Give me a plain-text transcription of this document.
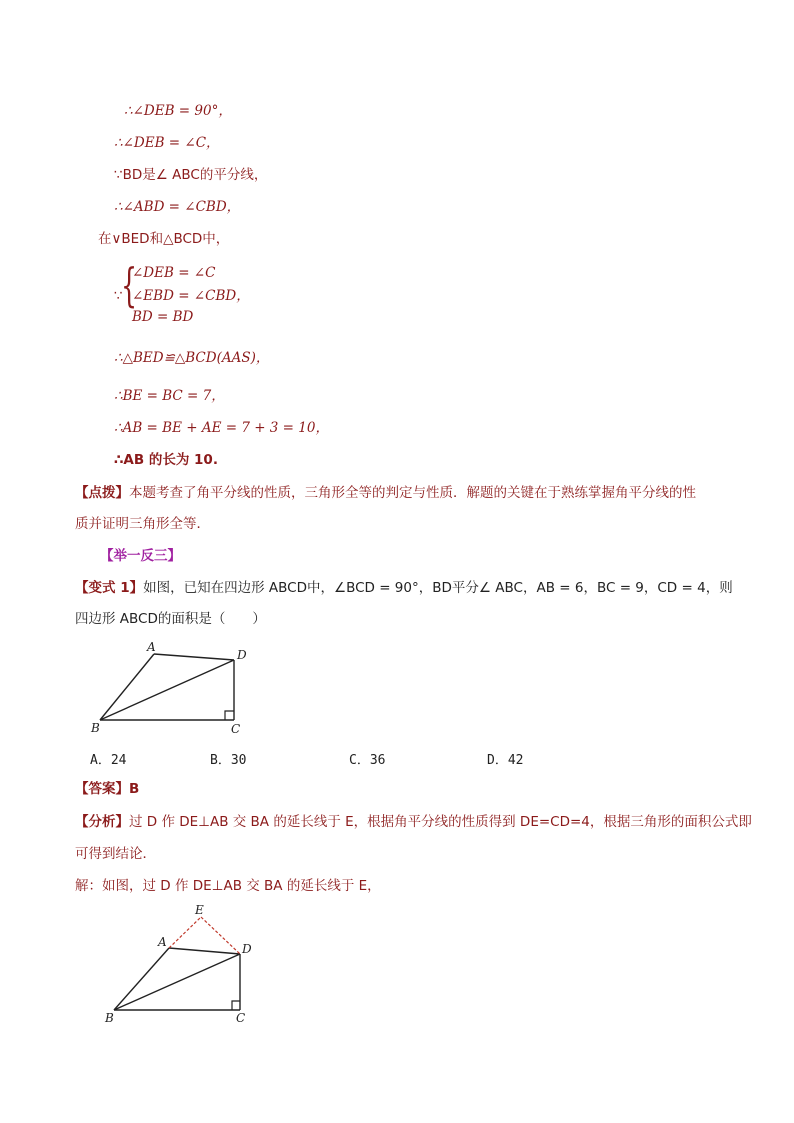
∴∠DEB = 90°，
∴∠DEB = ∠C，
∵BD是∠ ABC的平分线，
∴∠ABD = ∠CBD，
在∨BED和△BCD中，
∵
{
∠DEB = ∠C
∠EBD = ∠CBD，
BD = BD
∴△BED≌△BCD(AAS)，
∴BE = BC = 7，
∴AB = BE + AE = 7 + 3 = 10，
∴AB 的长为 10.
【点拨】本题考查了角平分线的性质，三角形全等的判定与性质．解题的关键在于熟练掌握角平分线的性
质并证明三角形全等．
【举一反三】
【变式 1】如图，已知在四边形 ABCD中，∠BCD = 90°，BD平分∠ ABC，AB = 6，BC = 9，CD = 4，则
四边形 ABCD的面积是（　　）
A
D
B	C
A．24	B．30	C．36	D．42
【答案】B
【分析】过 D 作 DE⊥AB 交 BA 的延长线于 E，根据角平分线的性质得到 DE=CD=4，根据三角形的面积公式即
可得到结论．
解：如图，过 D 作 DE⊥AB 交 BA 的延长线于 E，
E
A	D
B	C
